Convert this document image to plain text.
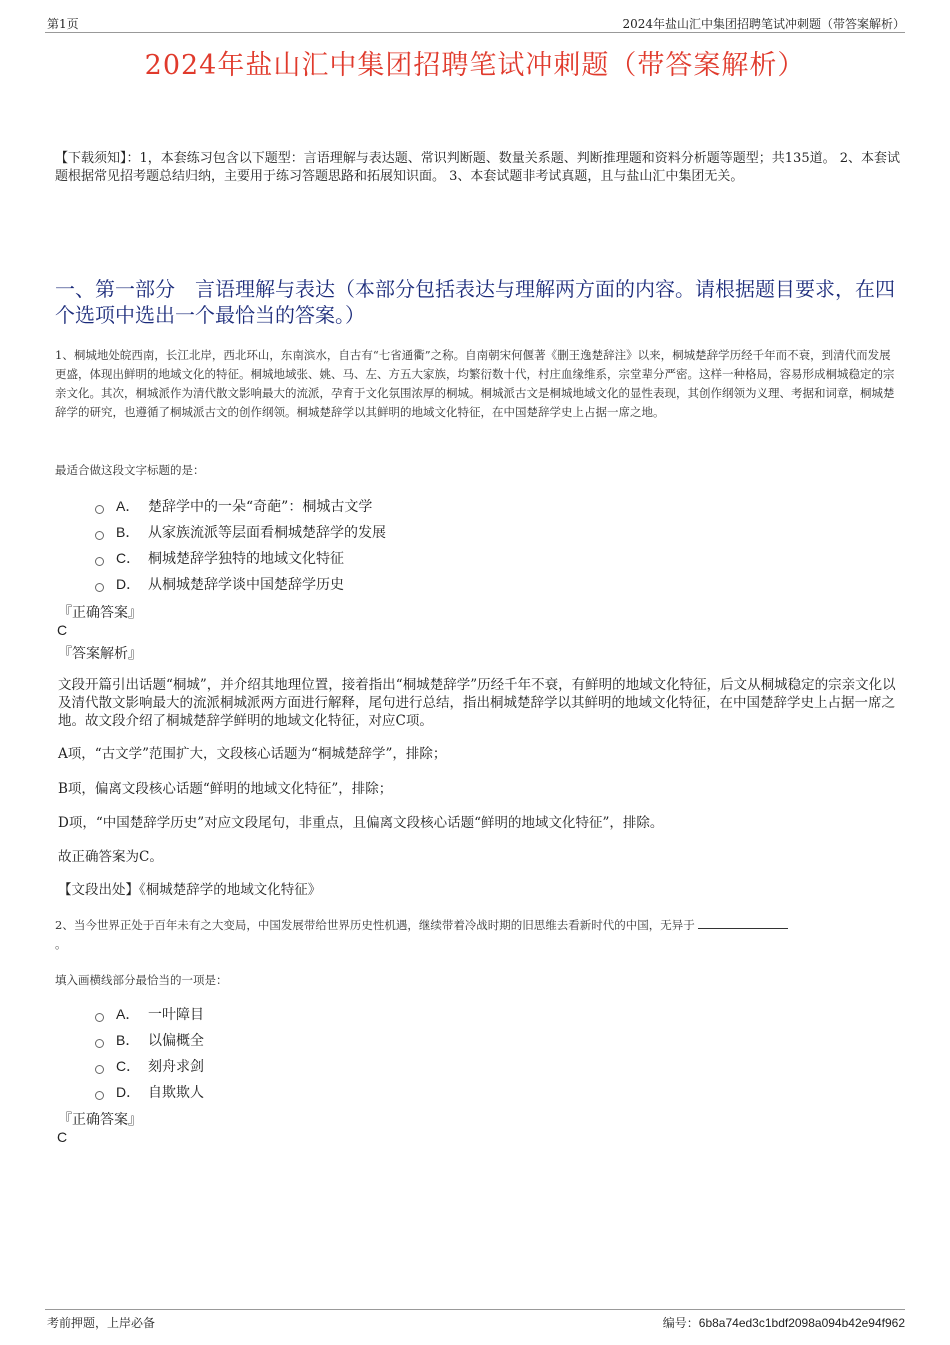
第1页	2024年盐山汇中集团招聘笔试冲刺题（带答案解析）
2024年盐山汇中集团招聘笔试冲刺题（带答案解析）
【下载须知】：1，本套练习包含以下题型：言语理解与表达题、常识判断题、数量关系题、判断推理题和资料分析题等题型；共135道。 2、本套试题根据常见招考题总结归纳，主要用于练习答题思路和拓展知识面。 3、本套试题非考试真题，且与盐山汇中集团无关。
一、第一部分　言语理解与表达（本部分包括表达与理解两方面的内容。请根据题目要求，在四个选项中选出一个最恰当的答案。）
1、桐城地处皖西南，长江北岸，西北环山，东南滨水，自古有“七省通衢”之称。自南朝宋何偃著《删王逸楚辞注》以来，桐城楚辞学历经千年而不衰，到清代而发展更盛，体现出鲜明的地域文化的特征。桐城地域张、姚、马、左、方五大家族，均繁衍数十代，村庄血缘维系，宗堂辈分严密。这样一种格局，容易形成桐城稳定的宗亲文化。其次，桐城派作为清代散文影响最大的流派，孕育于文化氛围浓厚的桐城。桐城派古文是桐城地域文化的显性表现，其创作纲领为义理、考据和词章，桐城楚辞学的研究，也遵循了桐城派古文的创作纲领。桐城楚辞学以其鲜明的地域文化特征，在中国楚辞学史上占据一席之地。
最适合做这段文字标题的是：
A． 楚辞学中的一朵“奇葩”：桐城古文学
B． 从家族流派等层面看桐城楚辞学的发展
C． 桐城楚辞学独特的地域文化特征
D． 从桐城楚辞学谈中国楚辞学历史
『正确答案』
C
『答案解析』
文段开篇引出话题“桐城”，并介绍其地理位置，接着指出“桐城楚辞学”历经千年不衰，有鲜明的地域文化特征，后文从桐城稳定的宗亲文化以及清代散文影响最大的流派桐城派两方面进行解释，尾句进行总结，指出桐城楚辞学以其鲜明的地域文化特征，在中国楚辞学史上占据一席之地。故文段介绍了桐城楚辞学鲜明的地域文化特征，对应C项。
A项，“古文学”范围扩大，文段核心话题为“桐城楚辞学”，排除；
B项，偏离文段核心话题“鲜明的地域文化特征”，排除；
D项，“中国楚辞学历史”对应文段尾句，非重点，且偏离文段核心话题“鲜明的地域文化特征”，排除。
故正确答案为C。
【文段出处】《桐城楚辞学的地域文化特征》
2、当今世界正处于百年未有之大变局，中国发展带给世界历史性机遇，继续带着冷战时期的旧思维去看新时代的中国，无异于
。
填入画横线部分最恰当的一项是：
A． 一叶障目
B． 以偏概全
C． 刻舟求剑
D． 自欺欺人
『正确答案』
C
考前押题，上岸必备	编号：6b8a74ed3c1bdf2098a094b42e94f962
